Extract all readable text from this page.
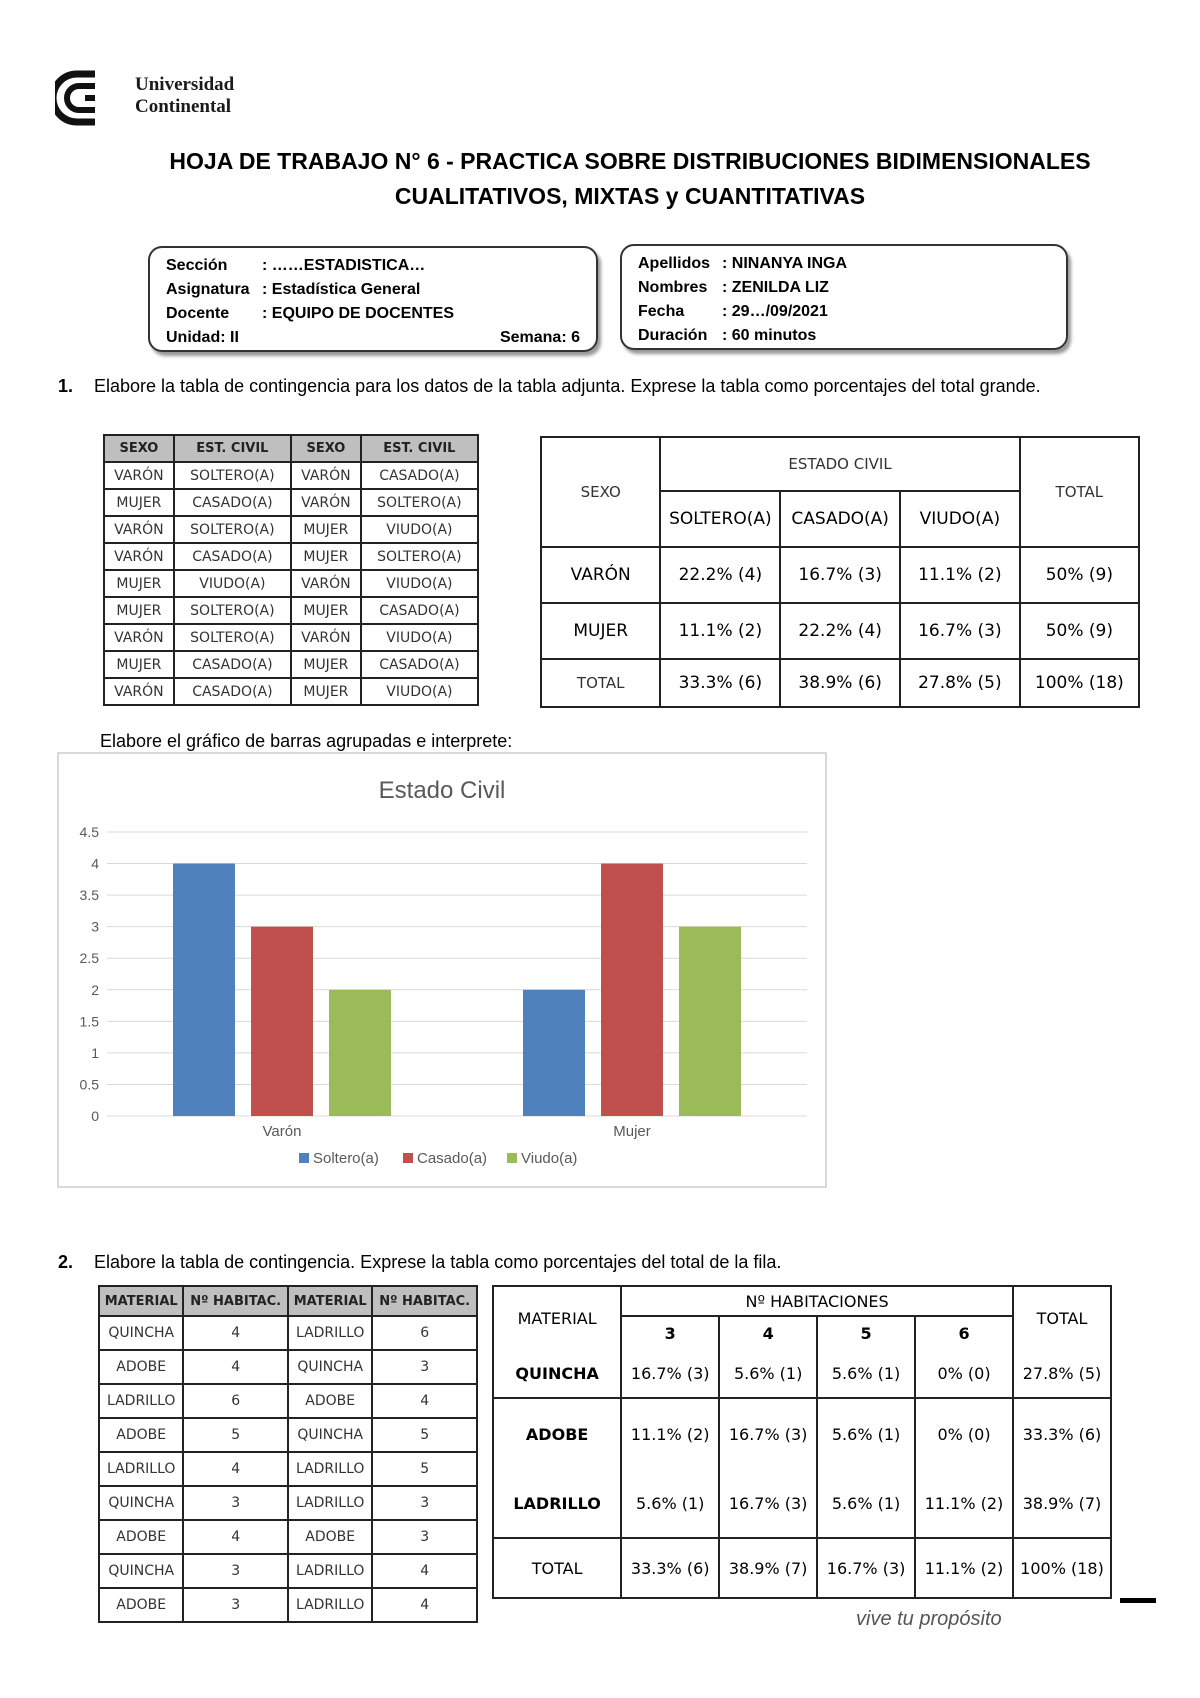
Universidad
Continental
HOJA DE TRABAJO N° 6 - PRACTICA SOBRE DISTRIBUCIONES BIDIMENSIONALES
CUALITATIVOS, MIXTAS y CUANTITATIVAS
Sección	: ……ESTADISTICA…
Asignatura : Estadística General
Docente	: EQUIPO DE DOCENTES
Unidad: II	Semana: 6
Apellidos : NINANYA INGA
Nombres : ZENILDA LIZ
Fecha	: 29…/09/2021
Duración : 60 minutos
1.	Elabore la tabla de contingencia para los datos de la tabla adjunta. Exprese la tabla como porcentajes del total grande.
SEXO	EST. CIVIL	SEXO	EST. CIVIL
VARÓN	SOLTERO(A)	VARÓN	CASADO(A)
MUJER	CASADO(A)	VARÓN	SOLTERO(A)
VARÓN	SOLTERO(A)	MUJER	VIUDO(A)
VARÓN	CASADO(A)	MUJER	SOLTERO(A)
MUJER	VIUDO(A)	VARÓN	VIUDO(A)
MUJER	SOLTERO(A)	MUJER	CASADO(A)
VARÓN	SOLTERO(A)	VARÓN	VIUDO(A)
MUJER	CASADO(A)	MUJER	CASADO(A)
VARÓN	CASADO(A)	MUJER	VIUDO(A)
SEXO	ESTADO CIVIL			TOTAL
	SOLTERO(A)	CASADO(A)	VIUDO(A)	
VARÓN	22.2% (4)	16.7% (3)	11.1% (2)	50% (9)
MUJER	11.1% (2)	22.2% (4)	16.7% (3)	50% (9)
TOTAL	33.3% (6)	38.9% (6)	27.8% (5)	100% (18)
Elabore el gráfico de barras agrupadas e interprete:
Estado Civil
0
0.5
1
1.5
2
2.5
3
3.5
4
4.5
Varón	Mujer
Soltero(a)	Casado(a) Viudo(a)
2.	Elabore la tabla de contingencia. Exprese la tabla como porcentajes del total de la fila.
MATERIAL	Nº HABITAC.	MATERIAL	Nº HABITAC.
QUINCHA	4	LADRILLO	6
ADOBE	4	QUINCHA	3
LADRILLO	6	ADOBE	4
ADOBE	5	QUINCHA	5
LADRILLO	4	LADRILLO	5
QUINCHA	3	LADRILLO	3
ADOBE	4	ADOBE	3
QUINCHA	3	LADRILLO	4
ADOBE	3	LADRILLO	4
MATERIAL	Nº HABITACIONES				TOTAL
	3	4	5	6	
QUINCHA	16.7% (3)	5.6% (1)	5.6% (1)	0% (0)	27.8% (5)
ADOBE	11.1% (2)	16.7% (3)	5.6% (1)	0% (0)	33.3% (6)
LADRILLO	5.6% (1)	16.7% (3)	5.6% (1)	11.1% (2)	38.9% (7)
TOTAL	33.3% (6)	38.9% (7)	16.7% (3)	11.1% (2)	100% (18)
vive tu propósito
